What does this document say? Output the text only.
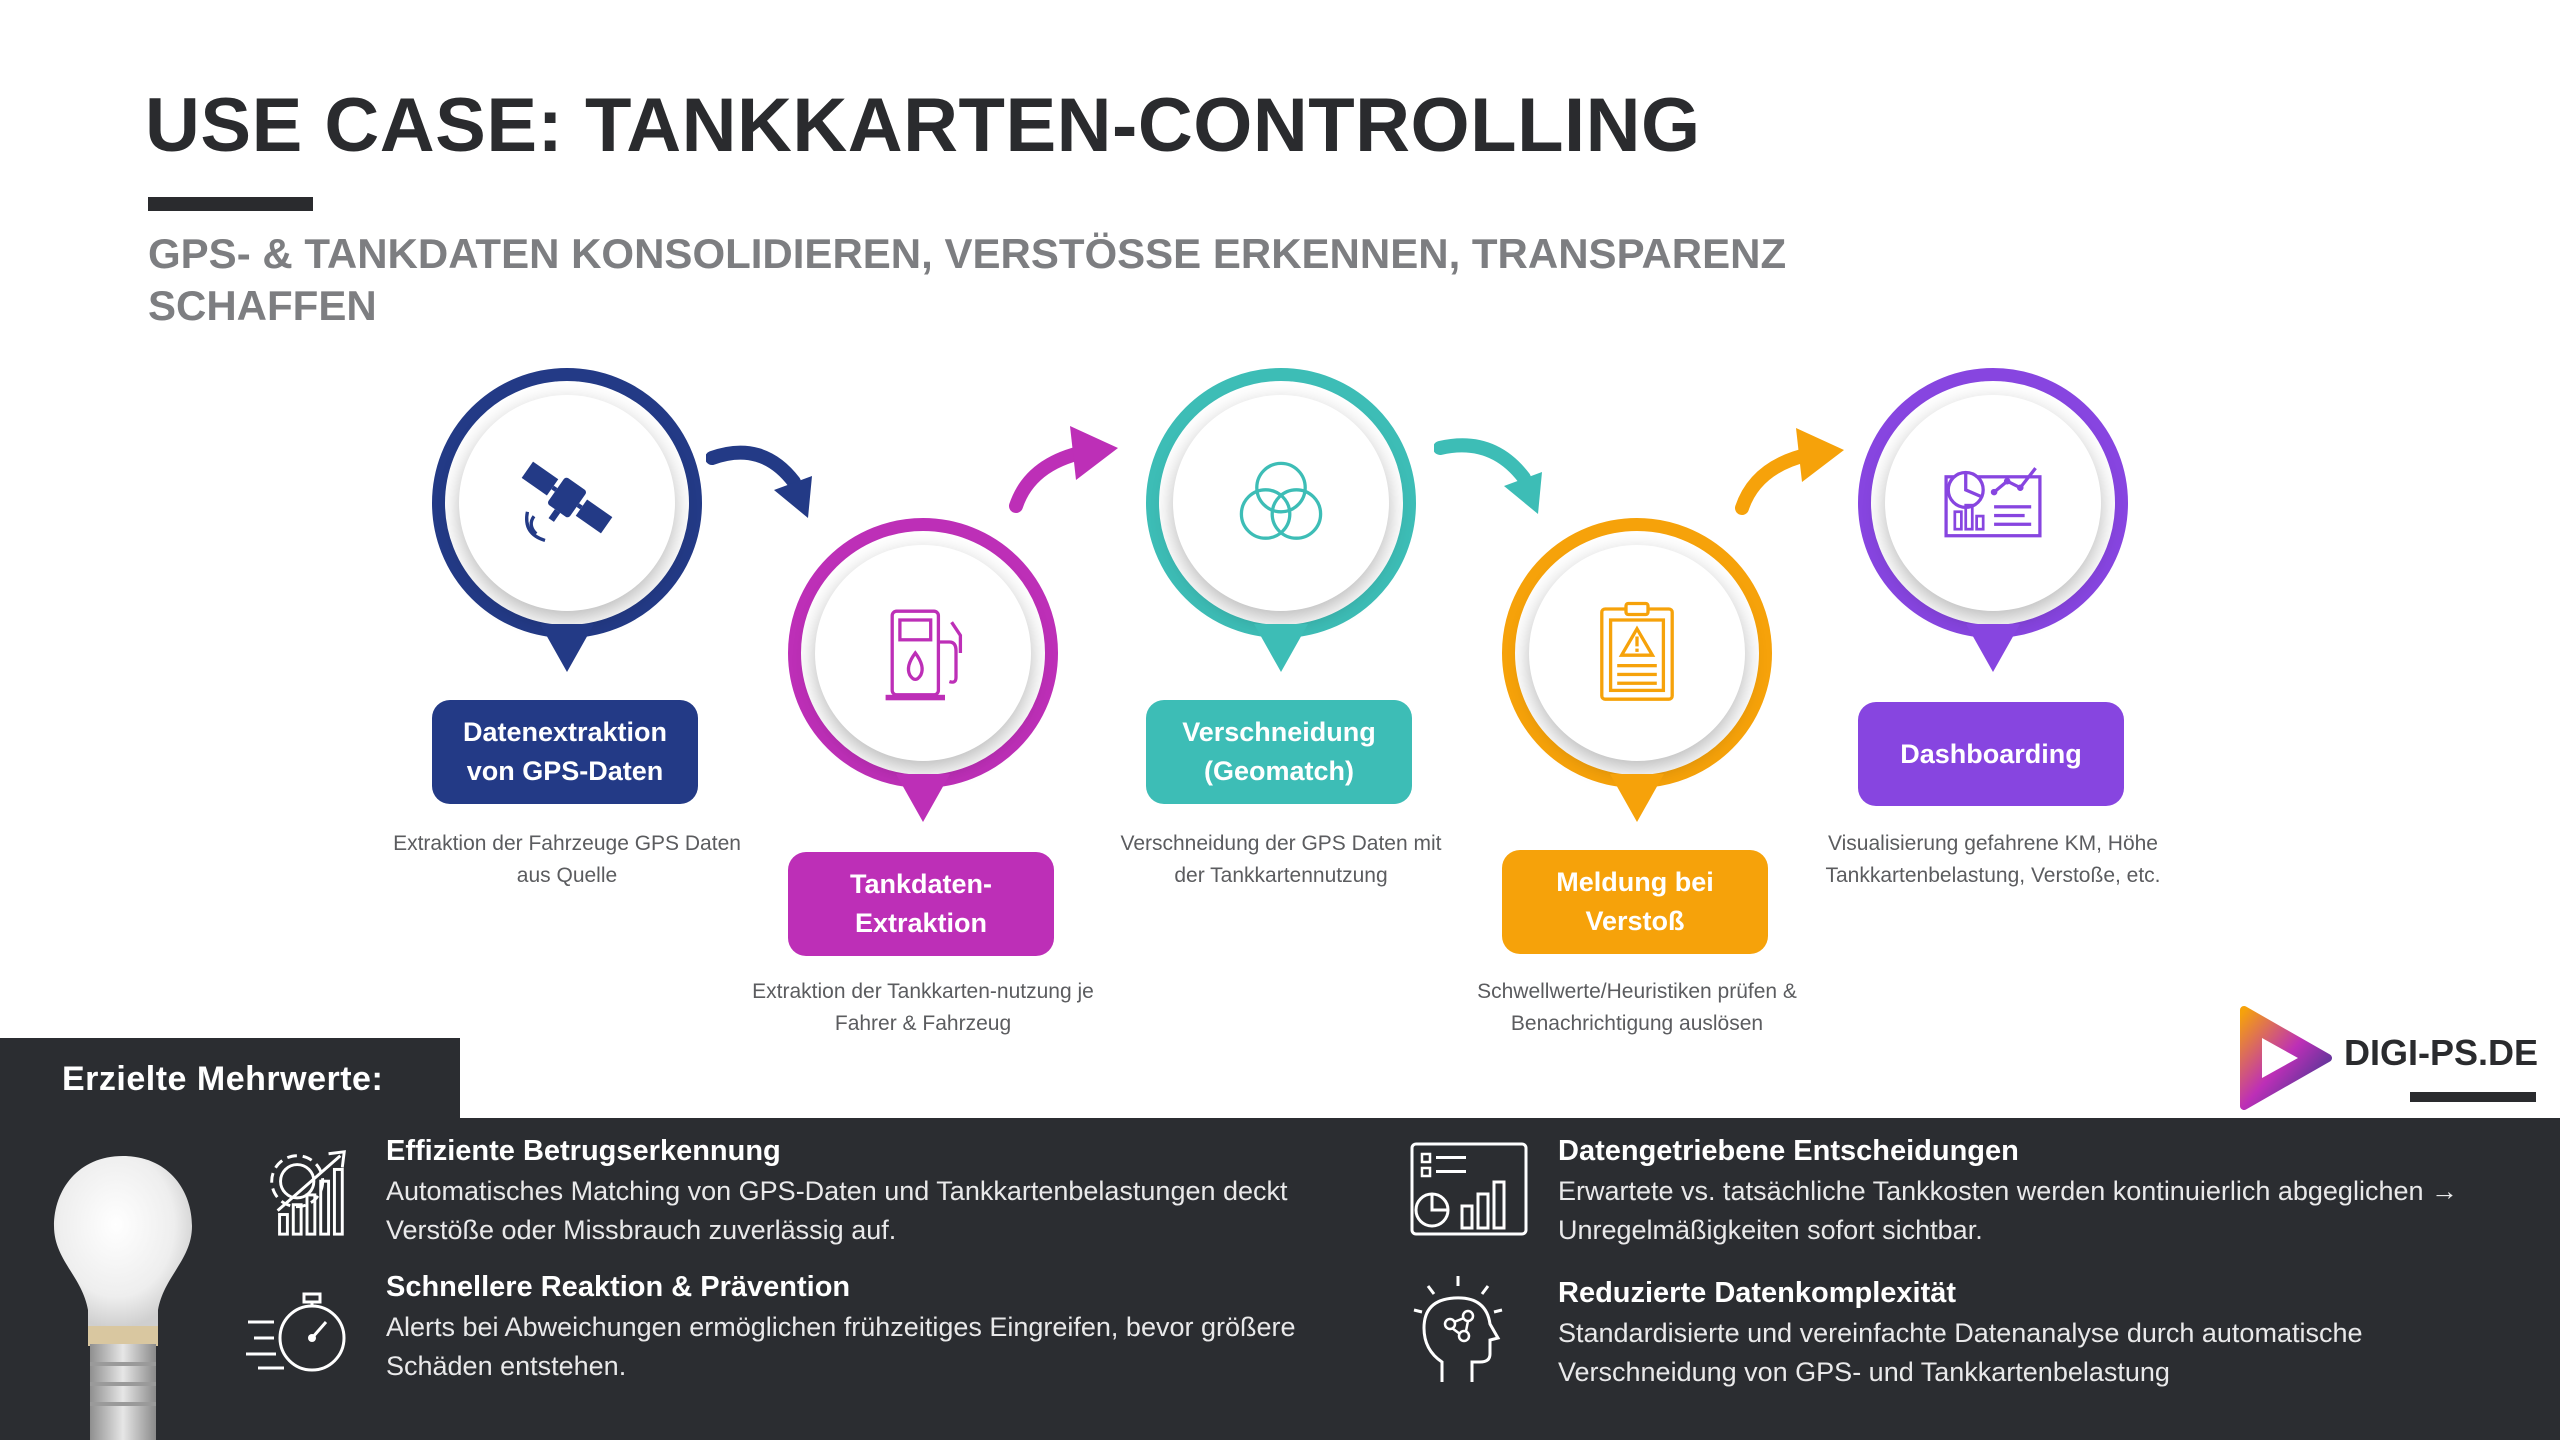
USE CASE: TANKKARTEN-CONTROLLING
GPS- & TANKDATEN KONSOLIDIEREN, VERSTÖSSE ERKENNEN, TRANSPARENZ SCHAFFEN
Datenextraktion von GPS-Daten
Extraktion der Fahrzeuge GPS Daten aus Quelle	Tankdaten-Extraktion
Extraktion der Tankkarten-nutzung je Fahrer & Fahrzeug
Verschneidung (Geomatch)
Verschneidung der GPS Daten mit der Tankkartennutzung	Meldung bei Verstoß
Schwellwerte/Heuristiken prüfen & Benachrichtigung auslösen
Dashboarding
Visualisierung gefahrene KM, Höhe Tankkartenbelastung, Verstoße, etc.
DIGI-PS.DE
Erzielte Mehrwerte:

Effiziente Betrugserkennung

Automatisches Matching von GPS-Daten und Tankkartenbelastungen deckt Verstöße oder Missbrauch zuverlässig auf.

Schnellere Reaktion & Prävention

Alerts bei Abweichungen ermöglichen frühzeitiges Eingreifen, bevor größere Schäden entstehen.

Datengetriebene Entscheidungen

Erwartete vs. tatsächliche Tankkosten werden kontinuierlich abgeglichen → Unregelmäßigkeiten sofort sichtbar.

Reduzierte Datenkomplexität

Standardisierte und vereinfachte Datenanalyse durch automatische Verschneidung von GPS- und Tankkartenbelastung
